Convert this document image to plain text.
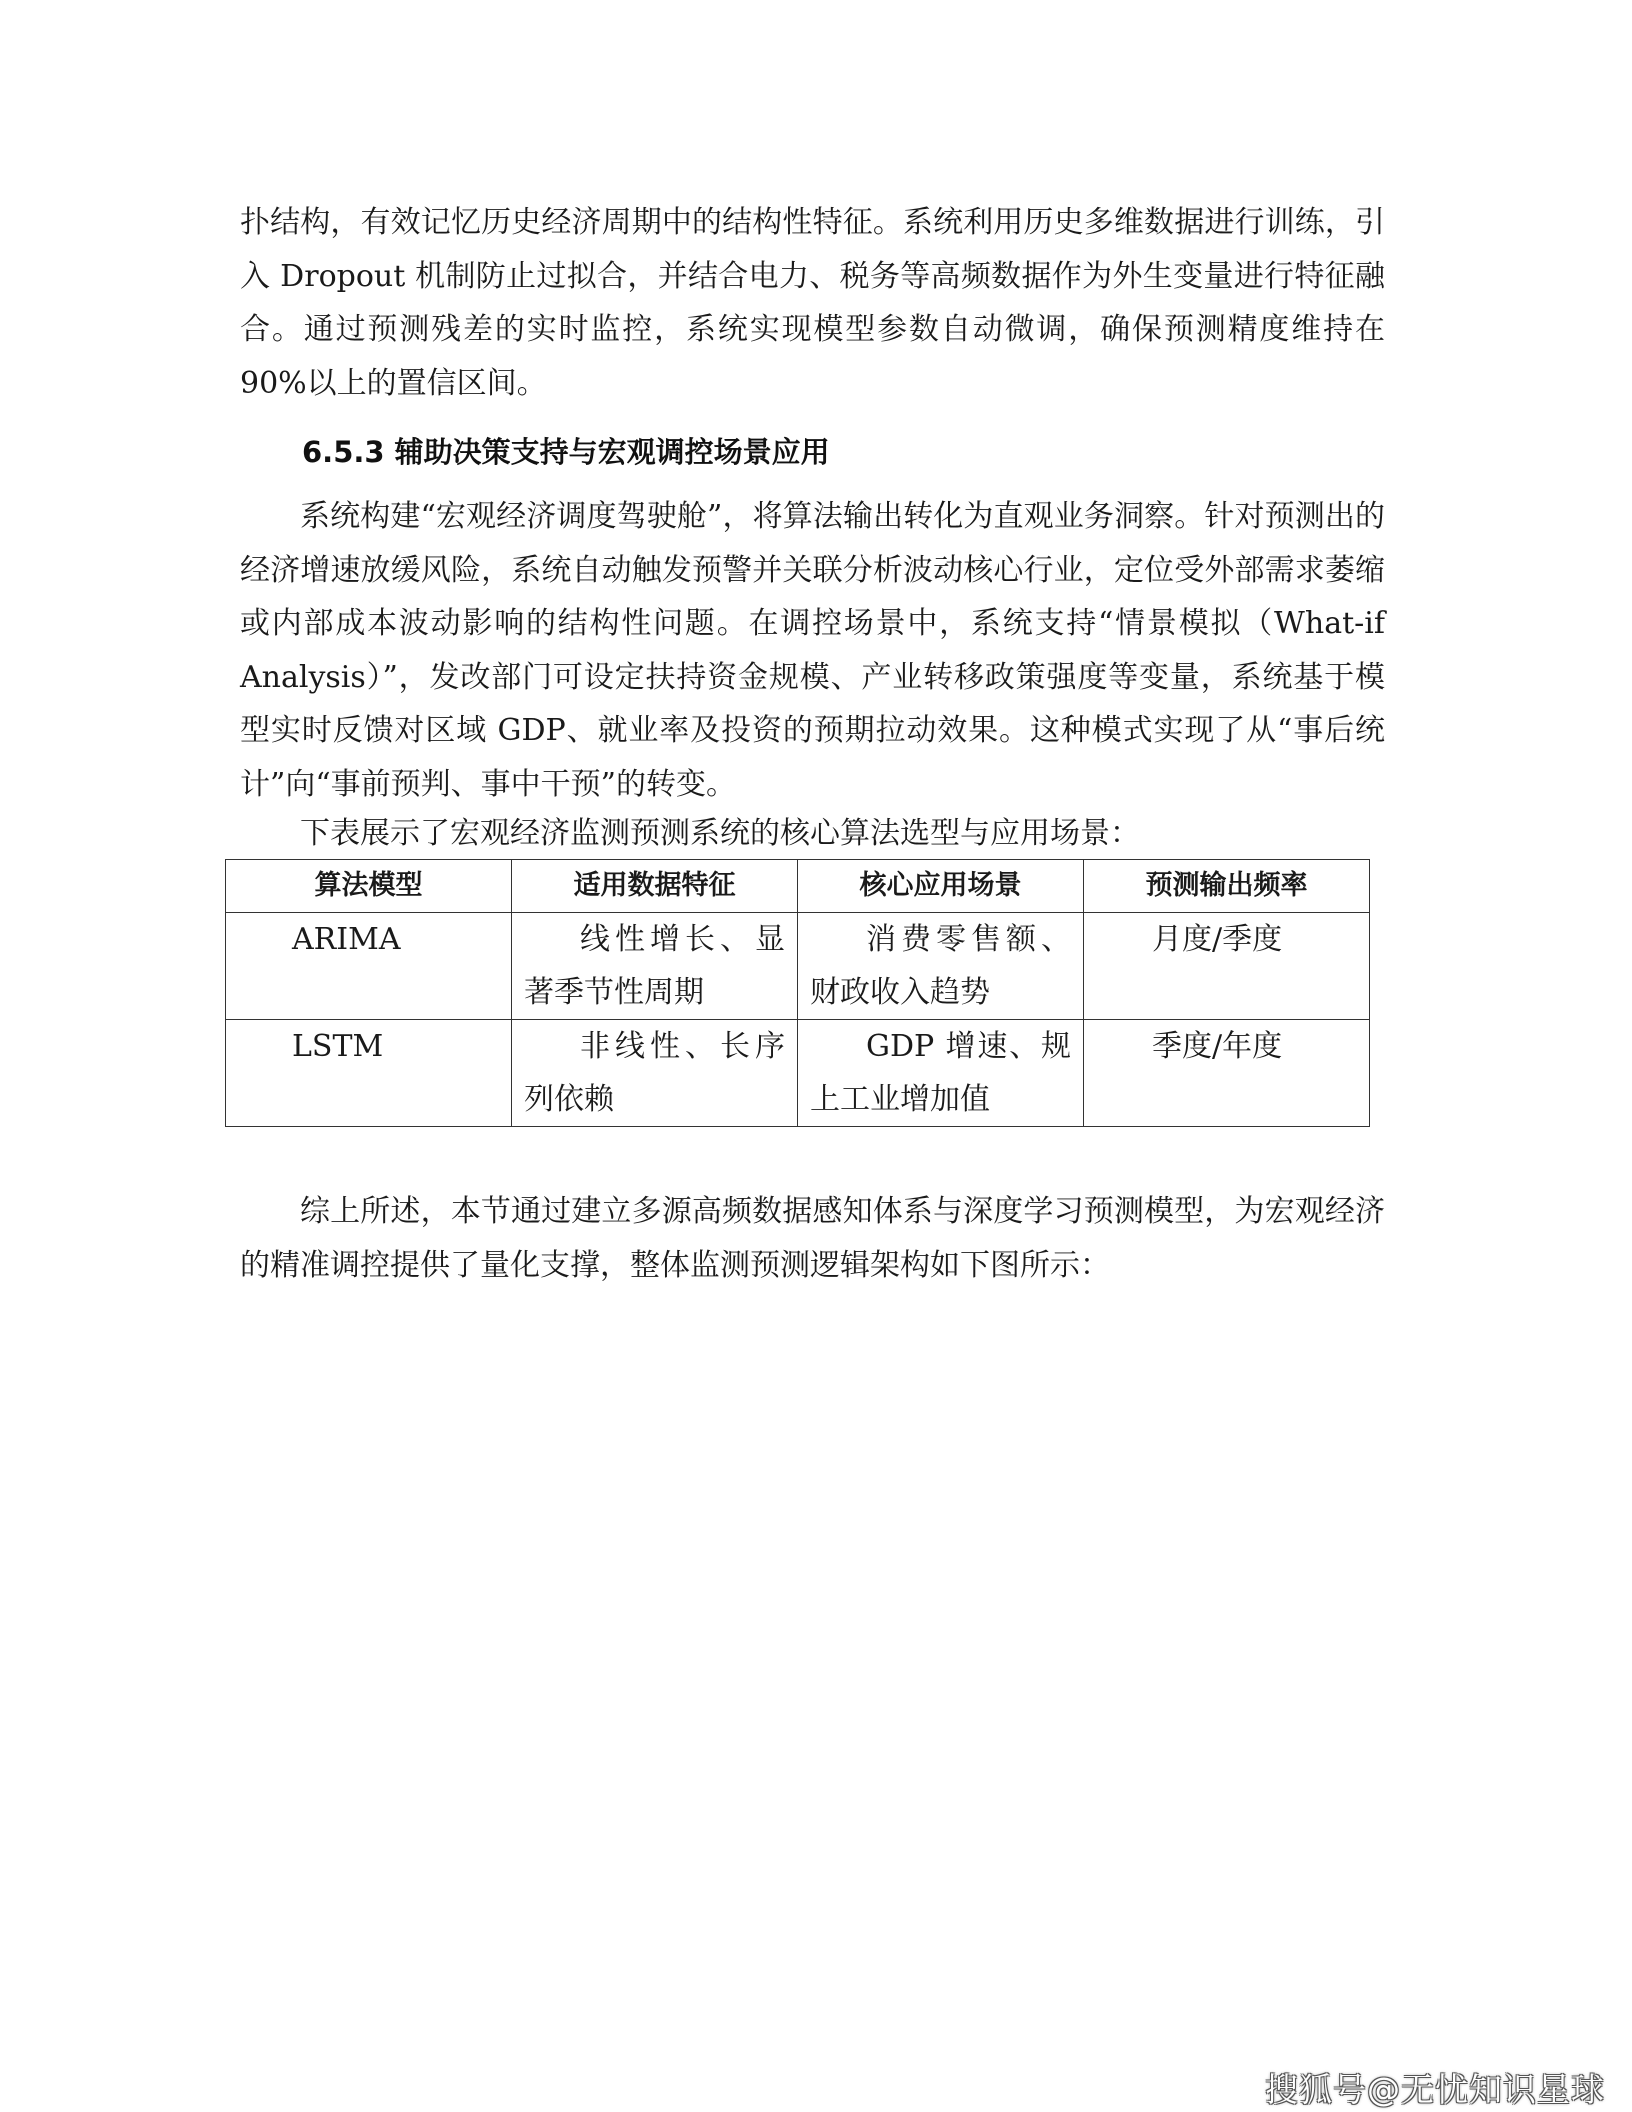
扑结构，有效记忆历史经济周期中的结构性特征。系统利用历史多维数据进行训练，引入 Dropout 机制防止过拟合，并结合电力、税务等高频数据作为外生变量进行特征融合。通过预测残差的实时监控，系统实现模型参数自动微调，确保预测精度维持在 90%以上的置信区间。

6.5.3 辅助决策支持与宏观调控场景应用

系统构建“宏观经济调度驾驶舱”，将算法输出转化为直观业务洞察。针对预测出的经济增速放缓风险，系统自动触发预警并关联分析波动核心行业，定位受外部需求萎缩或内部成本波动影响的结构性问题。在调控场景中，系统支持“情景模拟（What-if Analysis）”，发改部门可设定扶持资金规模、产业转移政策强度等变量，系统基于模型实时反馈对区域 GDP、就业率及投资的预期拉动效果。这种模式实现了从“事后统计”向“事前预判、事中干预”的转变。

下表展示了宏观经济监测预测系统的核心算法选型与应用场景：

算法模型	适用数据特征	核心应用场景	预测输出频率
ARIMA	线性增长、显著季节性周期	消费零售额、财政收入趋势	月度/季度
LSTM	非线性、长序列依赖	GDP 增速、规上工业增加值	季度/年度

综上所述，本节通过建立多源高频数据感知体系与深度学习预测模型，为宏观经济的精准调控提供了量化支撑，整体监测预测逻辑架构如下图所示：

搜狐号@无忧知识星球
